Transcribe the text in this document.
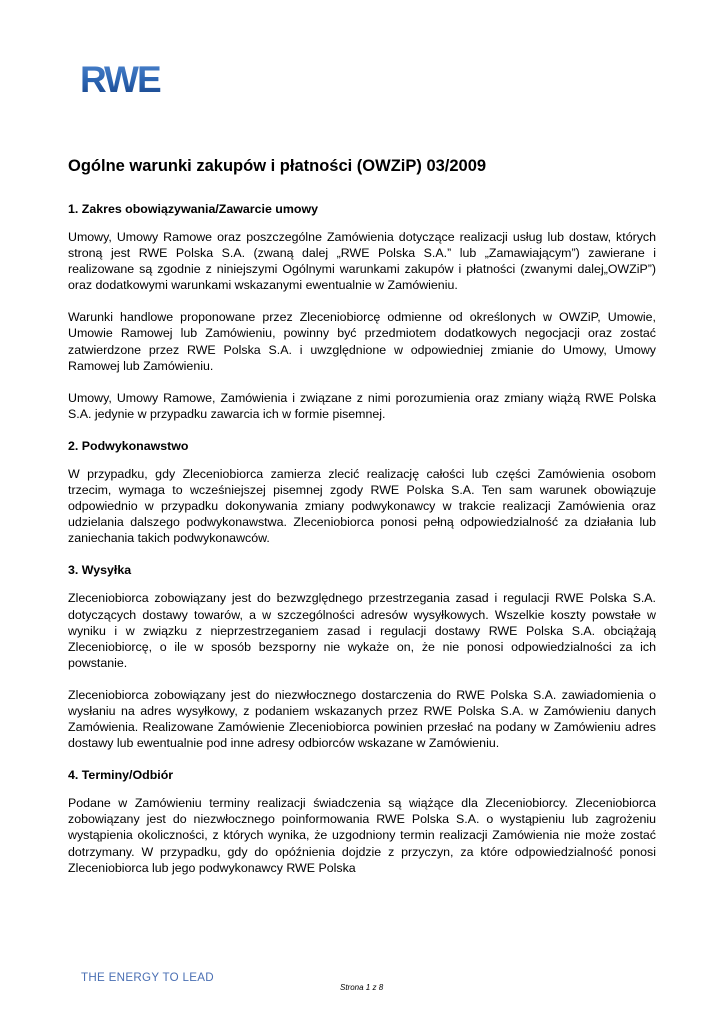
RWE
Ogólne warunki zakupów i płatności (OWZiP) 03/2009
1. Zakres obowiązywania/Zawarcie umowy

Umowy, Umowy Ramowe oraz poszczególne Zamówienia dotyczące realizacji usług lub dostaw, których stroną jest RWE Polska S.A. (zwaną dalej „RWE Polska S.A.” lub „Zamawiającym”) zawierane i realizowane są zgodnie z niniejszymi Ogólnymi warunkami zakupów i płatności (zwanymi dalej„OWZiP”) oraz dodatkowymi warunkami wskazanymi ewentualnie w Zamówieniu.

Warunki handlowe proponowane przez Zleceniobiorcę odmienne od określonych w OWZiP, Umowie, Umowie Ramowej lub Zamówieniu, powinny być przedmiotem dodatkowych negocjacji oraz zostać zatwierdzone przez RWE Polska S.A. i uwzględnione w odpowiedniej zmianie do Umowy, Umowy Ramowej lub Zamówieniu.

Umowy, Umowy Ramowe, Zamówienia i związane z nimi porozumienia oraz zmiany wiążą RWE Polska S.A. jedynie w przypadku zawarcia ich w formie pisemnej.

2. Podwykonawstwo

W przypadku, gdy Zleceniobiorca zamierza zlecić realizację całości lub części Zamówienia osobom trzecim, wymaga to wcześniejszej pisemnej zgody RWE Polska S.A. Ten sam warunek obowiązuje odpowiednio w przypadku dokonywania zmiany podwykonawcy w trakcie realizacji Zamówienia oraz udzielania dalszego podwykonawstwa. Zleceniobiorca ponosi pełną odpowiedzialność za działania lub zaniechania takich podwykonawców.

3. Wysyłka

Zleceniobiorca zobowiązany jest do bezwzględnego przestrzegania zasad i regulacji RWE Polska S.A. dotyczących dostawy towarów, a w szczególności adresów wysyłkowych. Wszelkie koszty powstałe w wyniku i w związku z nieprzestrzeganiem zasad i regulacji dostawy RWE Polska S.A. obciążają Zleceniobiorcę, o ile w sposób bezsporny nie wykaże on, że nie ponosi odpowiedzialności za ich powstanie.

Zleceniobiorca zobowiązany jest do niezwłocznego dostarczenia do RWE Polska S.A. zawiadomienia o wysłaniu na adres wysyłkowy, z podaniem wskazanych przez RWE Polska S.A. w Zamówieniu danych Zamówienia. Realizowane Zamówienie Zleceniobiorca powinien przesłać na podany w Zamówieniu adres dostawy lub ewentualnie pod inne adresy odbiorców wskazane w Zamówieniu.

4. Terminy/Odbiór

Podane w Zamówieniu terminy realizacji świadczenia są wiążące dla Zleceniobiorcy. Zleceniobiorca zobowiązany jest do niezwłocznego poinformowania RWE Polska S.A. o wystąpieniu lub zagrożeniu wystąpienia okoliczności, z których wynika, że uzgodniony termin realizacji Zamówienia nie może zostać dotrzymany. W przypadku, gdy do opóźnienia dojdzie z przyczyn, za które odpowiedzialność ponosi Zleceniobiorca lub jego podwykonawcy RWE Polska

THE ENERGY TO LEAD
Strona 1 z 8
